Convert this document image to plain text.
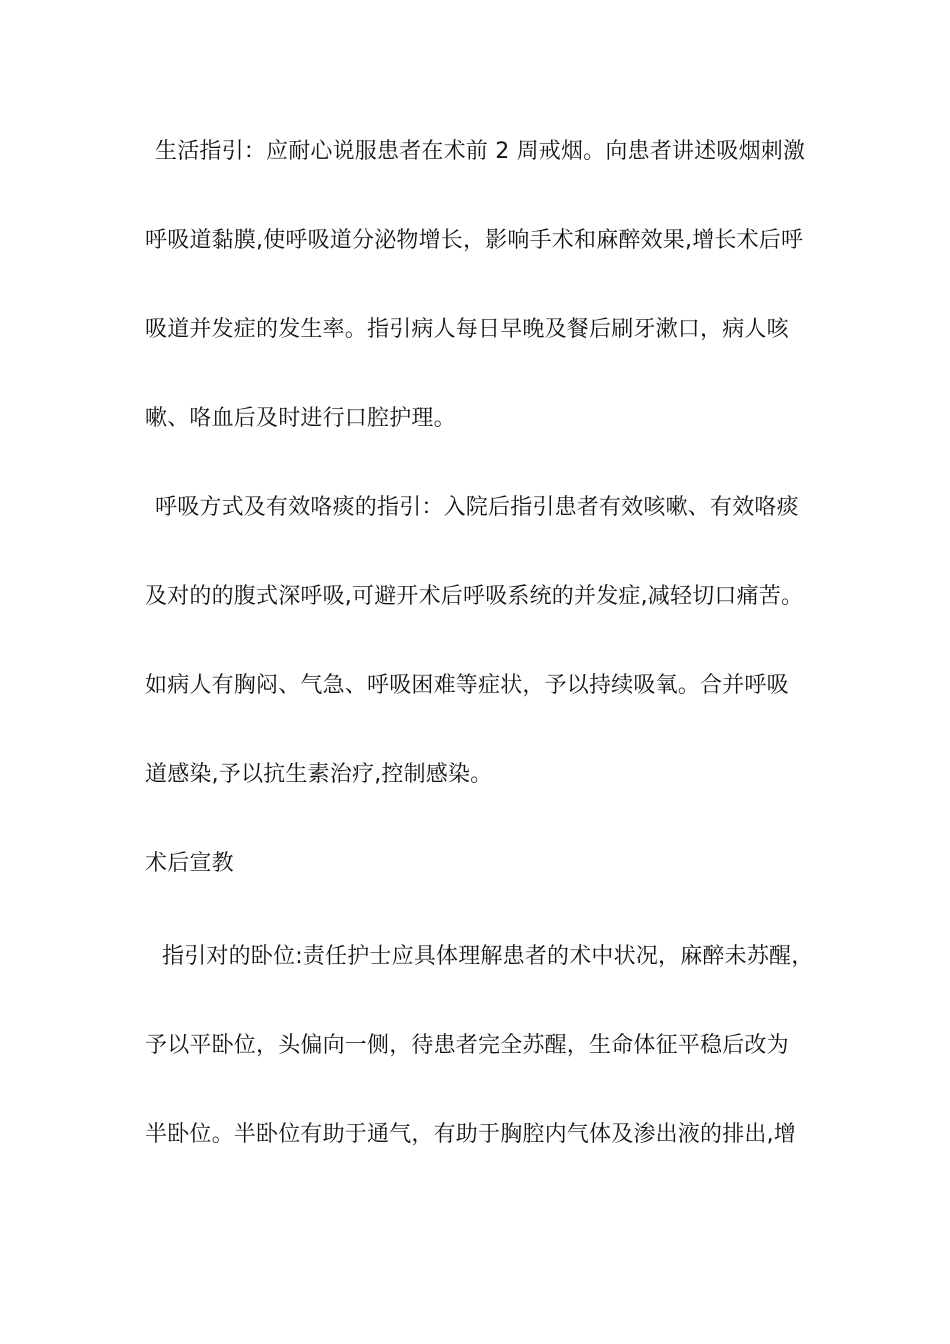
生活指引：应耐心说服患者在术前 2 周戒烟。向患者讲述吸烟刺激
呼吸道黏膜,使呼吸道分泌物增长，影响手术和麻醉效果,增长术后呼
吸道并发症的发生率。指引病人每日早晚及餐后刷牙漱口，病人咳
嗽、咯血后及时进行口腔护理。
呼吸方式及有效咯痰的指引：入院后指引患者有效咳嗽、有效咯痰
及对的的腹式深呼吸,可避开术后呼吸系统的并发症,减轻切口痛苦。
如病人有胸闷、气急、呼吸困难等症状，予以持续吸氧。合并呼吸
道感染,予以抗生素治疗,控制感染。
术后宣教
指引对的卧位:责任护士应具体理解患者的术中状况，麻醉未苏醒，
予以平卧位，头偏向一侧，待患者完全苏醒，生命体征平稳后改为
半卧位。半卧位有助于通气，有助于胸腔内气体及渗出液的排出,增
